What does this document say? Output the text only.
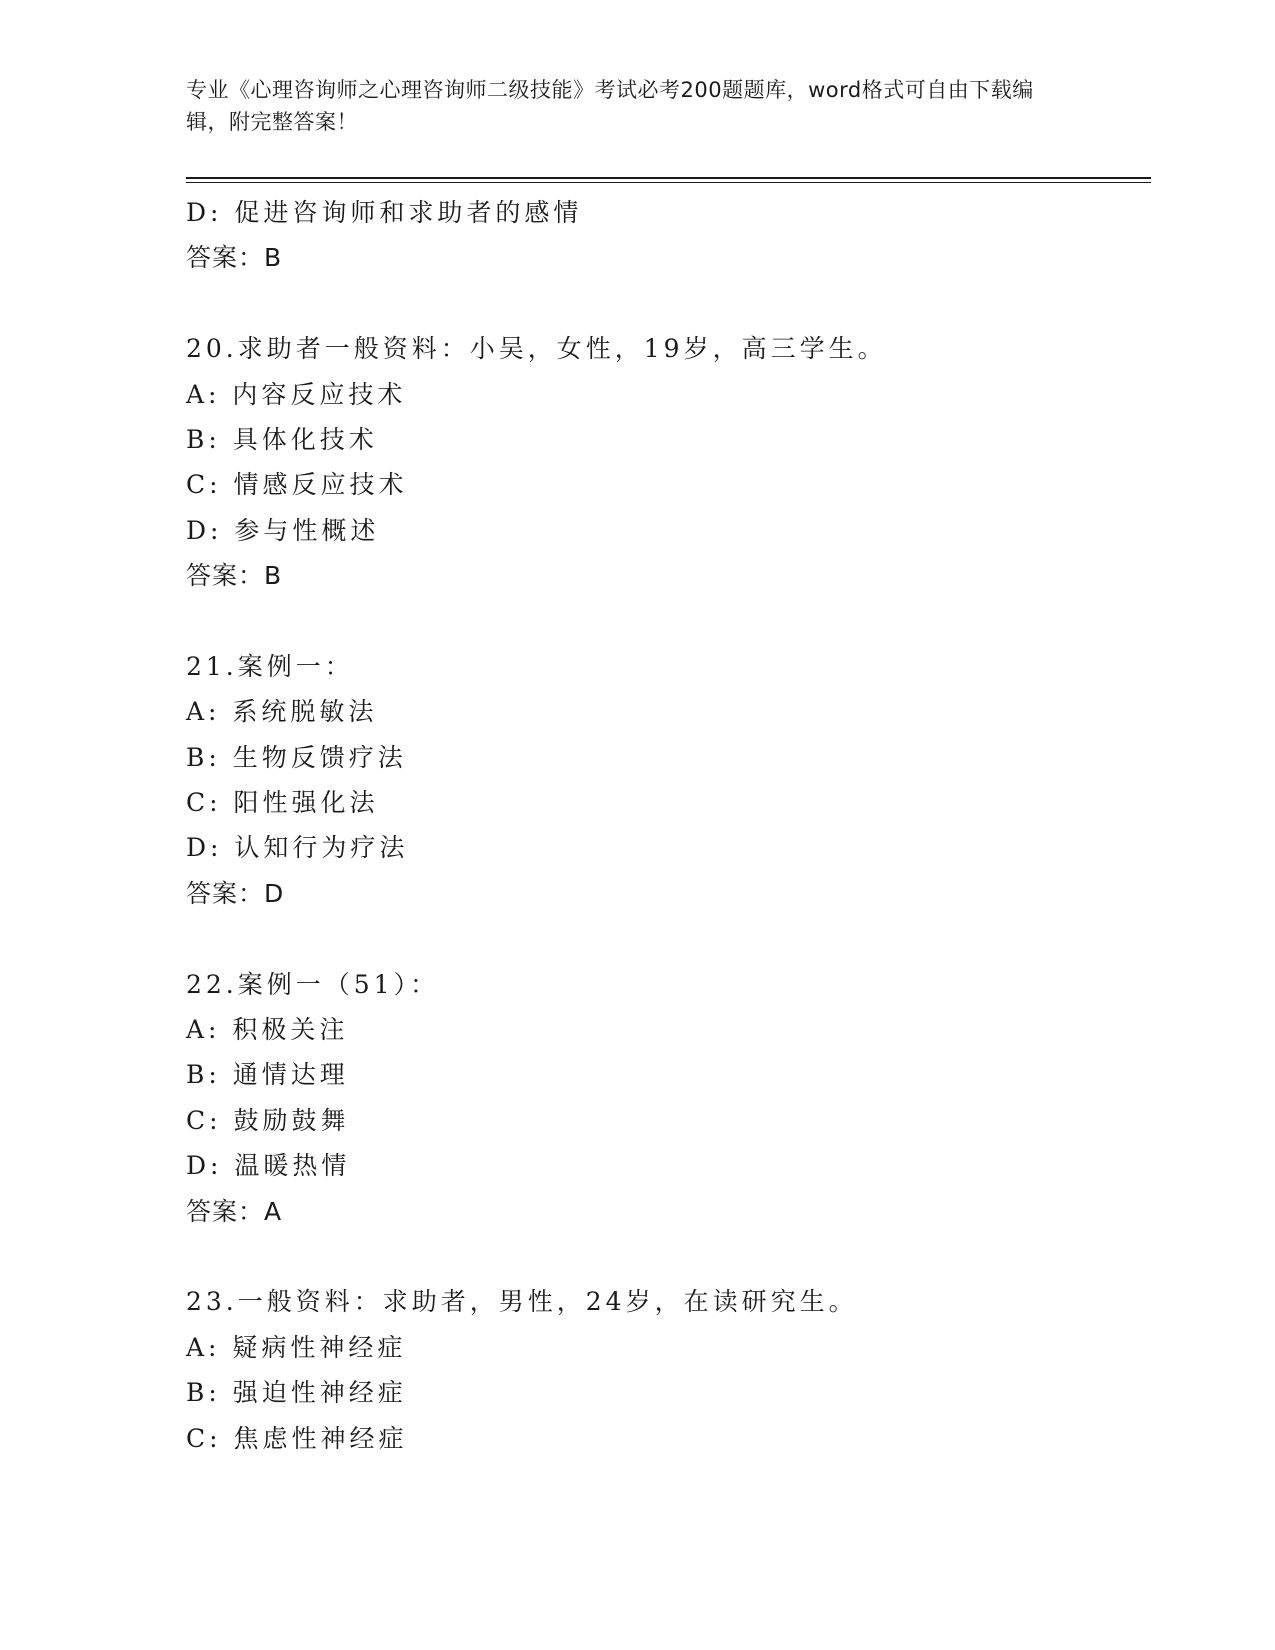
专业《心理咨询师之心理咨询师二级技能》考试必考200题题库，word格式可自由下载编辑，附完整答案！
D: 促进咨询师和求助者的感情
答案：B
20.求助者一般资料：小吴，女性，19岁，高三学生。
A: 内容反应技术
B: 具体化技术
C: 情感反应技术
D: 参与性概述
答案：B
21.案例一：
A: 系统脱敏法
B: 生物反馈疗法
C: 阳性强化法
D: 认知行为疗法
答案：D
22.案例一（51）：
A: 积极关注
B: 通情达理
C: 鼓励鼓舞
D: 温暖热情
答案：A
23.一般资料：求助者，男性，24岁，在读研究生。
A: 疑病性神经症
B: 强迫性神经症
C: 焦虑性神经症
